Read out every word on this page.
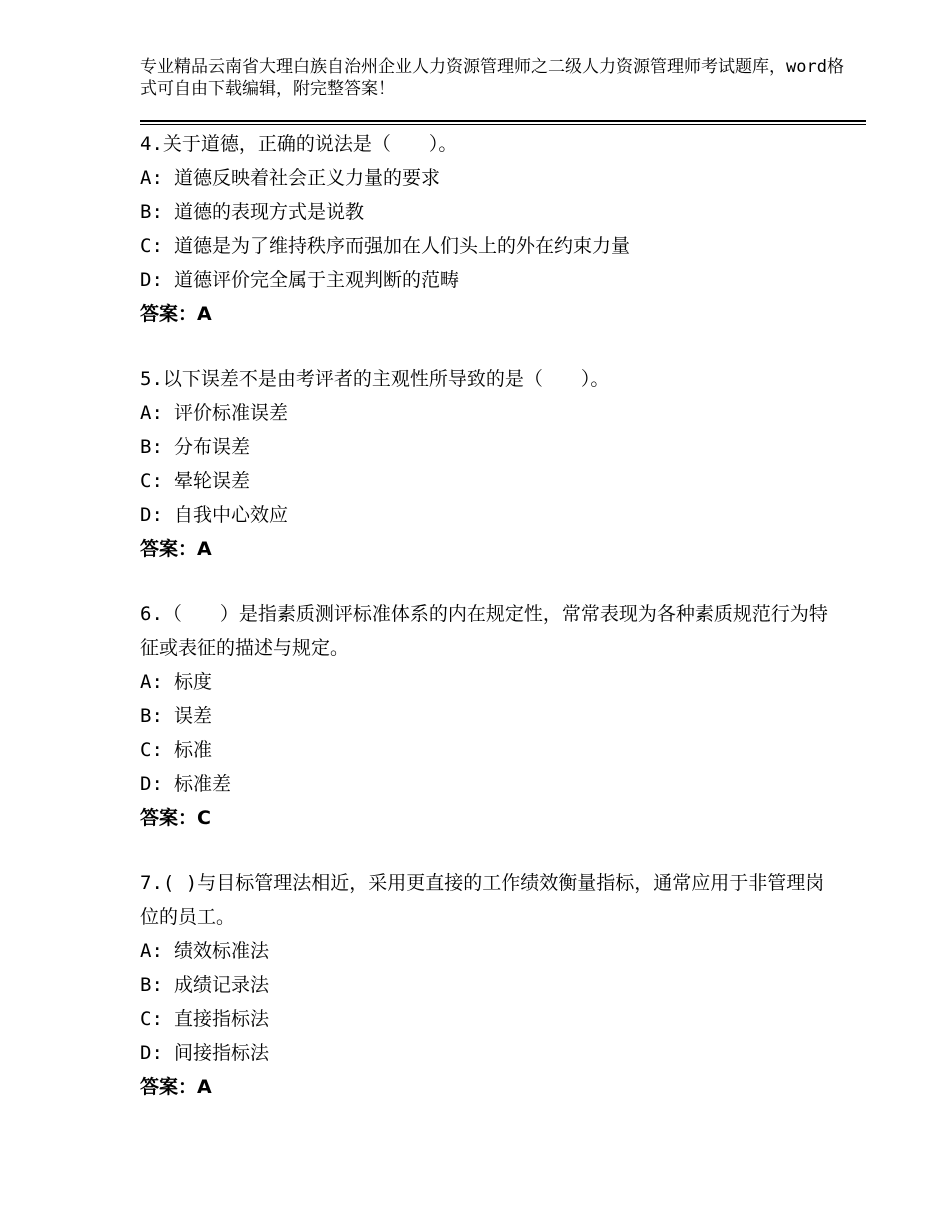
专业精品云南省大理白族自治州企业人力资源管理师之二级人力资源管理师考试题库，word格式可自由下载编辑，附完整答案！
4.关于道德，正确的说法是（　　）。
A: 道德反映着社会正义力量的要求
B: 道德的表现方式是说教
C: 道德是为了维持秩序而强加在人们头上的外在约束力量
D: 道德评价完全属于主观判断的范畴
答案：A
5.以下误差不是由考评者的主观性所导致的是（　　）。
A: 评价标准误差
B: 分布误差
C: 晕轮误差
D: 自我中心效应
答案：A
6.（　　）是指素质测评标准体系的内在规定性，常常表现为各种素质规范行为特征或表征的描述与规定。
A: 标度
B: 误差
C: 标准
D: 标准差
答案：C
7.( )与目标管理法相近，采用更直接的工作绩效衡量指标，通常应用于非管理岗位的员工。
A: 绩效标准法
B: 成绩记录法
C: 直接指标法
D: 间接指标法
答案：A
